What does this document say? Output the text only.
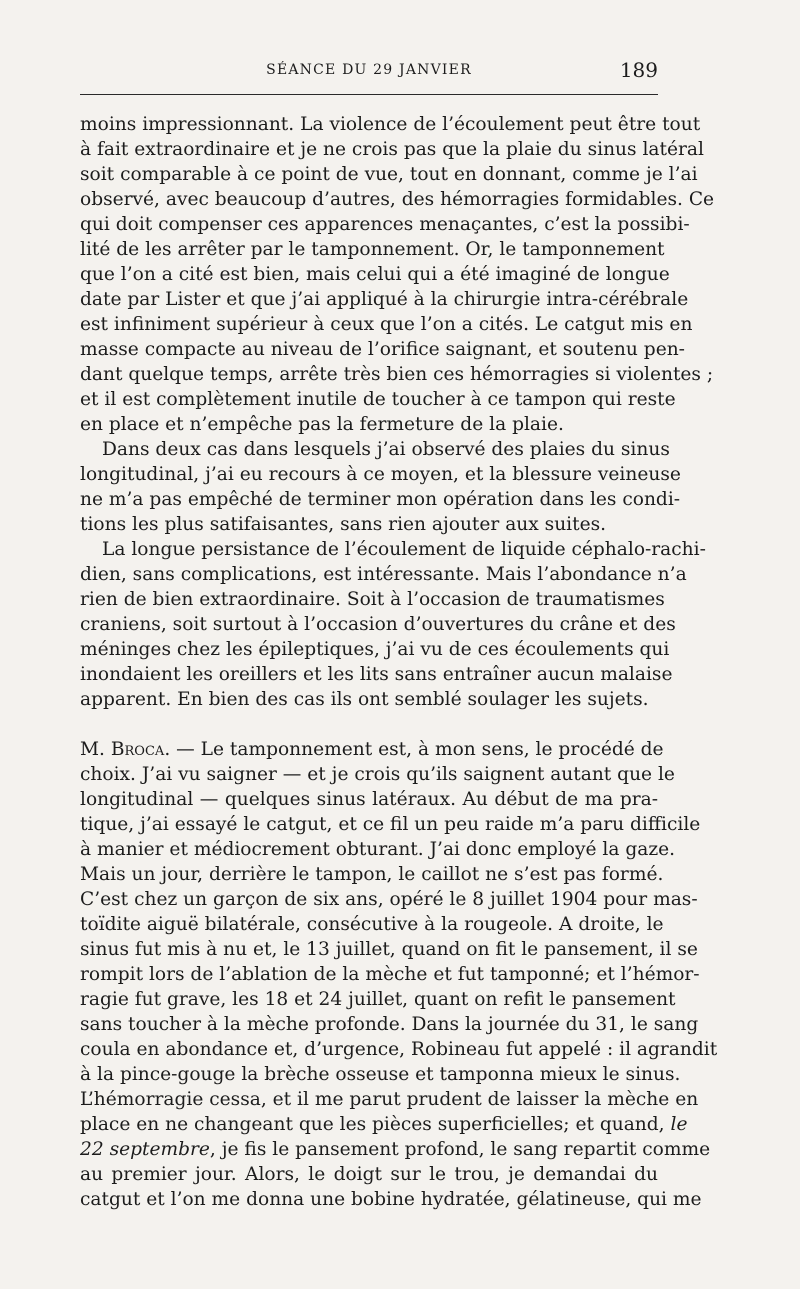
SÉANCE DU 29 JANVIER	189
moins impressionnant. La violence de l’écoulement peut être tout
à fait extraordinaire et je ne crois pas que la plaie du sinus latéral
soit comparable à ce point de vue, tout en donnant, comme je l’ai
observé, avec beaucoup d’autres, des hémorragies formidables. Ce
qui doit compenser ces apparences menaçantes, c’est la possibi-
lité de les arrêter par le tamponnement. Or, le tamponnement
que l’on a cité est bien, mais celui qui a été imaginé de longue
date par Lister et que j’ai appliqué à la chirurgie intra-cérébrale
est infiniment supérieur à ceux que l’on a cités. Le catgut mis en
masse compacte au niveau de l’orifice saignant, et soutenu pen-
dant quelque temps, arrête très bien ces hémorragies si violentes ;
et il est complètement inutile de toucher à ce tampon qui reste
en place et n’empêche pas la fermeture de la plaie.
Dans deux cas dans lesquels j’ai observé des plaies du sinus
longitudinal, j’ai eu recours à ce moyen, et la blessure veineuse
ne m’a pas empêché de terminer mon opération dans les condi-
tions les plus satifaisantes, sans rien ajouter aux suites.
La longue persistance de l’écoulement de liquide céphalo-rachi-
dien, sans complications, est intéressante. Mais l’abondance n’a
rien de bien extraordinaire. Soit à l’occasion de traumatismes
craniens, soit surtout à l’occasion d’ouvertures du crâne et des
méninges chez les épileptiques, j’ai vu de ces écoulements qui
inondaient les oreillers et les lits sans entraîner aucun malaise
apparent. En bien des cas ils ont semblé soulager les sujets.
M. Broca. — Le tamponnement est, à mon sens, le procédé de
choix. J’ai vu saigner — et je crois qu’ils saignent autant que le
longitudinal — quelques sinus latéraux. Au début de ma pra-
tique, j’ai essayé le catgut, et ce fil un peu raide m’a paru difficile
à manier et médiocrement obturant. J’ai donc employé la gaze.
Mais un jour, derrière le tampon, le caillot ne s’est pas formé.
C’est chez un garçon de six ans, opéré le 8 juillet 1904 pour mas-
toïdite aiguë bilatérale, consécutive à la rougeole. A droite, le
sinus fut mis à nu et, le 13 juillet, quand on fit le pansement, il se
rompit lors de l’ablation de la mèche et fut tamponné; et l’hémor-
ragie fut grave, les 18 et 24 juillet, quant on refit le pansement
sans toucher à la mèche profonde. Dans la journée du 31, le sang
coula en abondance et, d’urgence, Robineau fut appelé : il agrandit
à la pince-gouge la brèche osseuse et tamponna mieux le sinus.
L’hémorragie cessa, et il me parut prudent de laisser la mèche en
place en ne changeant que les pièces superficielles; et quand, le
22 septembre, je fis le pansement profond, le sang repartit comme
au premier jour. Alors, le doigt sur le trou, je demandai du
catgut et l’on me donna une bobine hydratée, gélatineuse, qui me
